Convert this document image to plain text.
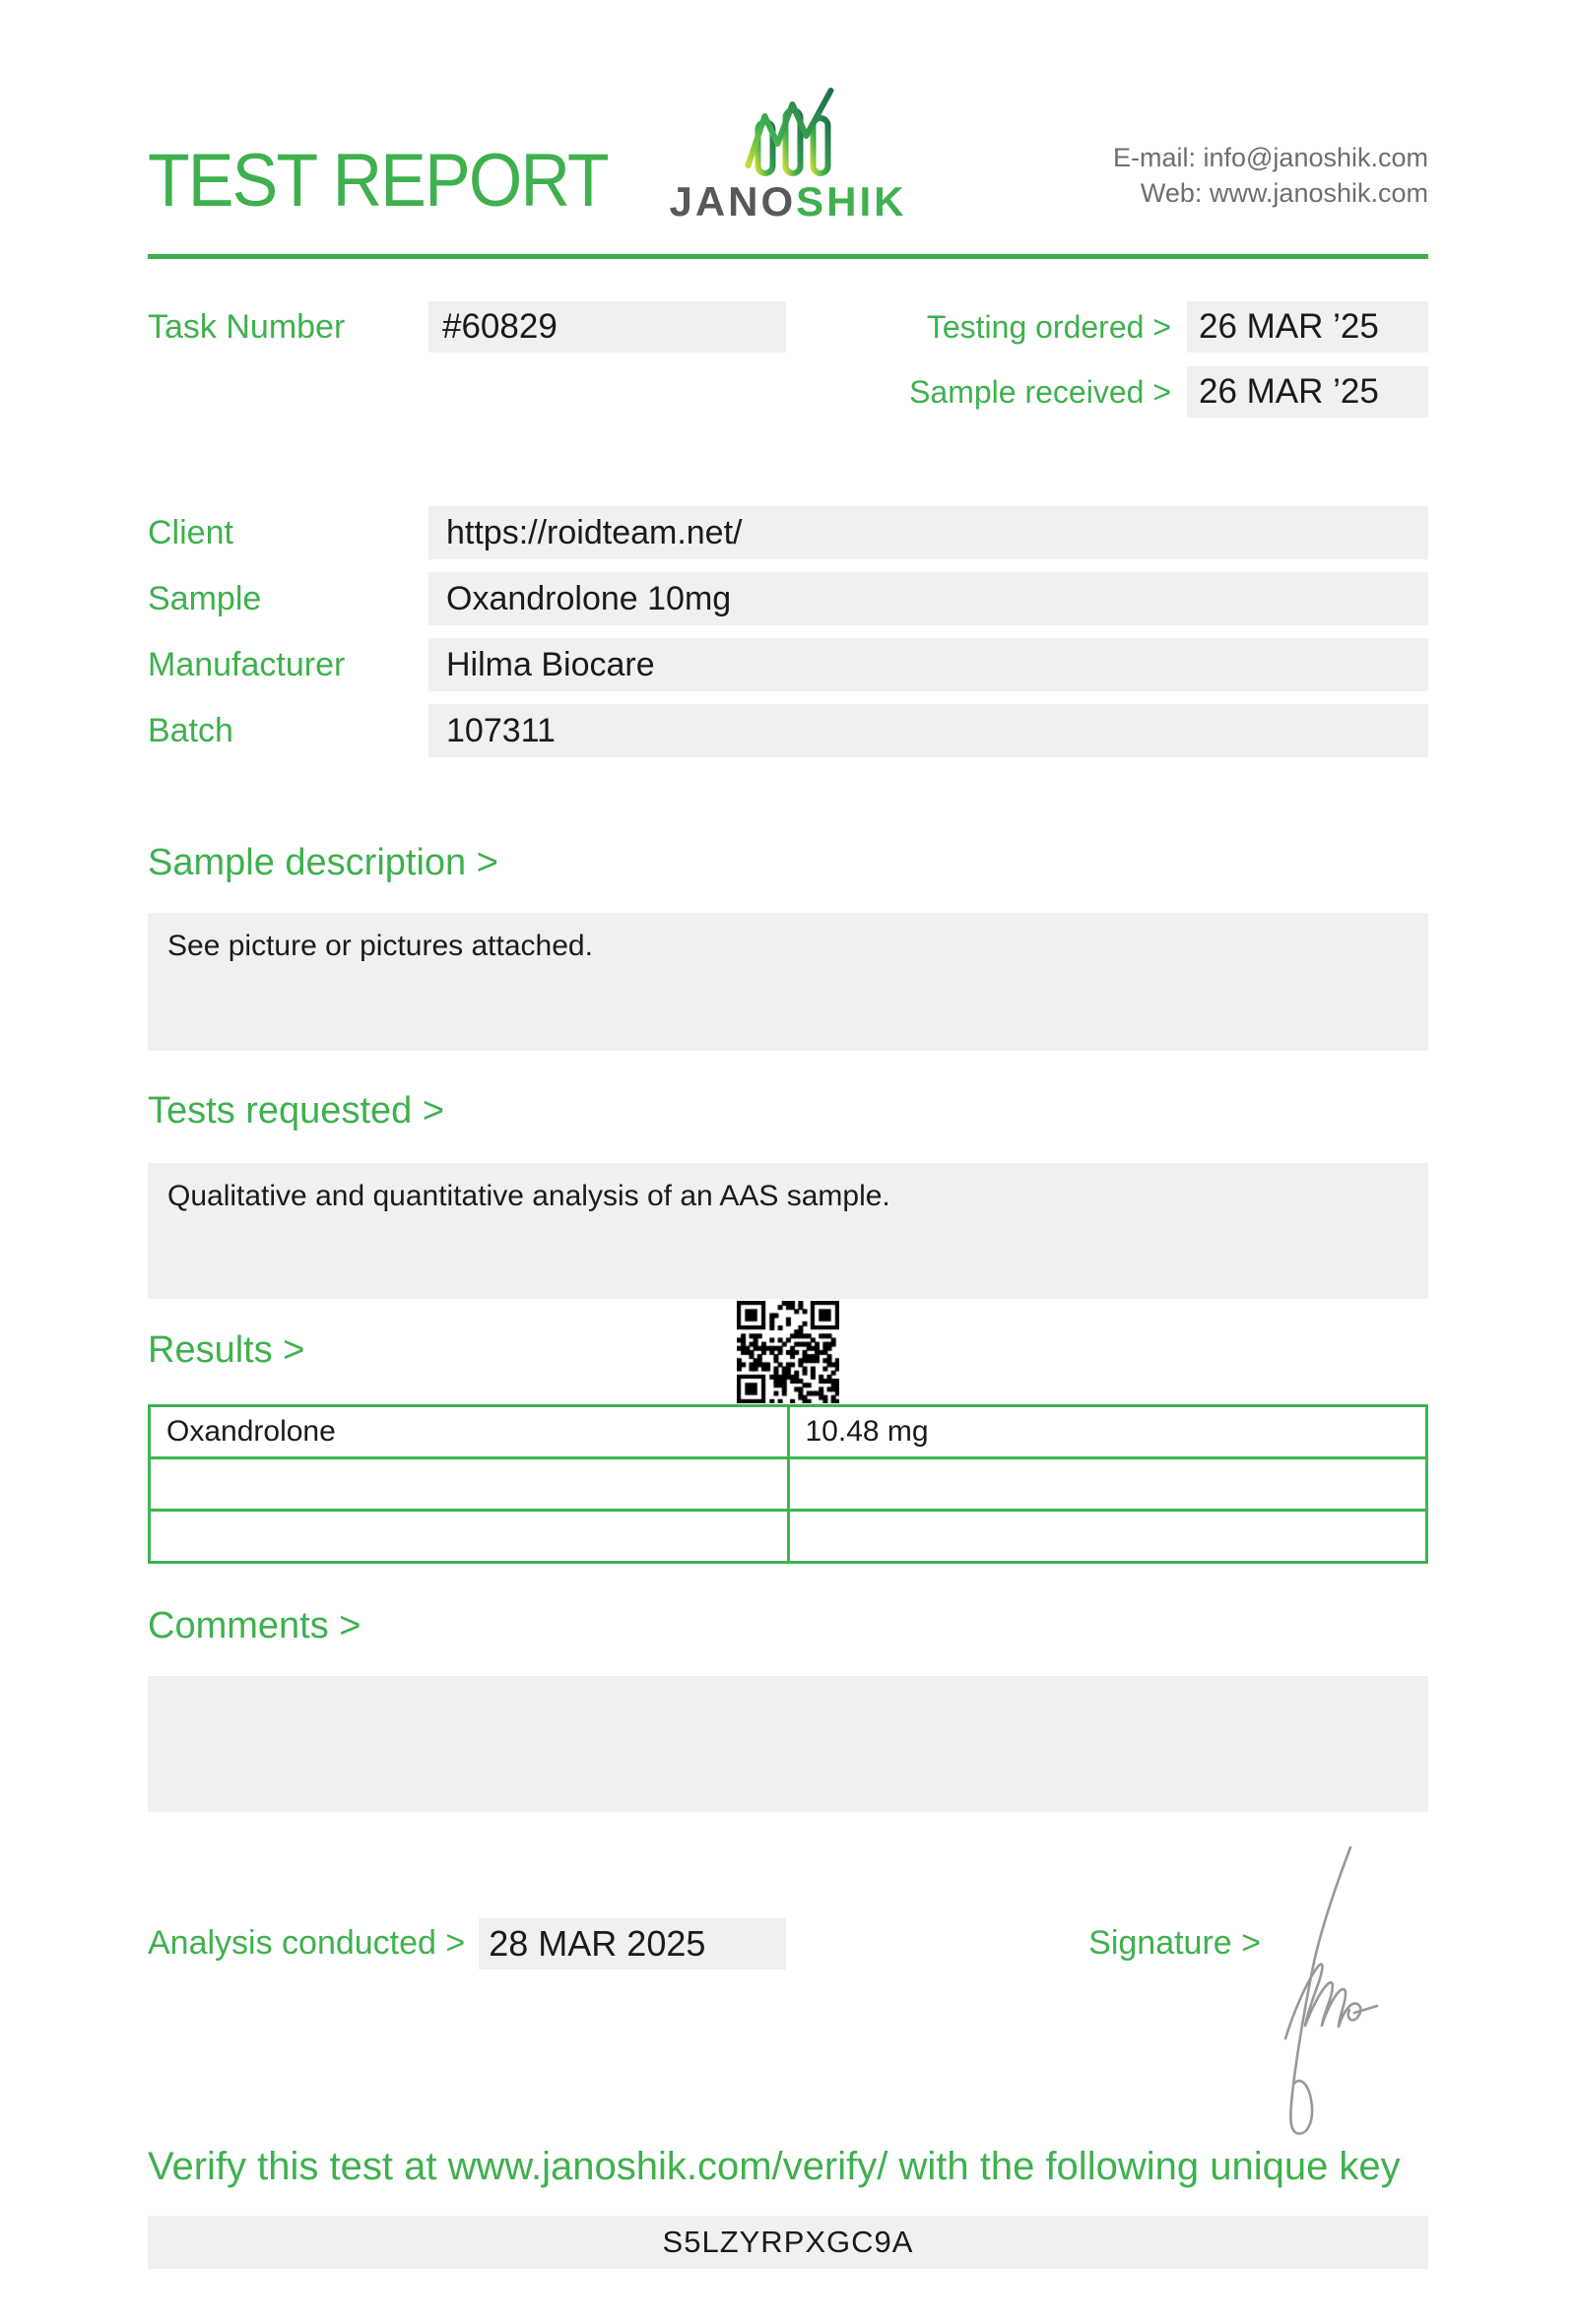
TEST REPORT JANOSHIK
E-mail: info@janoshik.com
Web: www.janoshik.com
Task Number	#60829	Testing ordered > 26 MAR ’25
Sample received > 26 MAR ’25
Client	https://roidteam.net/
Sample	Oxandrolone 10mg
Manufacturer	Hilma Biocare
Batch	107311
Sample description >
See picture or pictures attached.
Tests requested >
Qualitative and quantitative analysis of an AAS sample.
Results >
Oxandrolone	10.48 mg

Comments >
Analysis conducted > 28 MAR 2025	Signature >
Verify this test at www.janoshik.com/verify/ with the following unique key
S5LZYRPXGC9A
